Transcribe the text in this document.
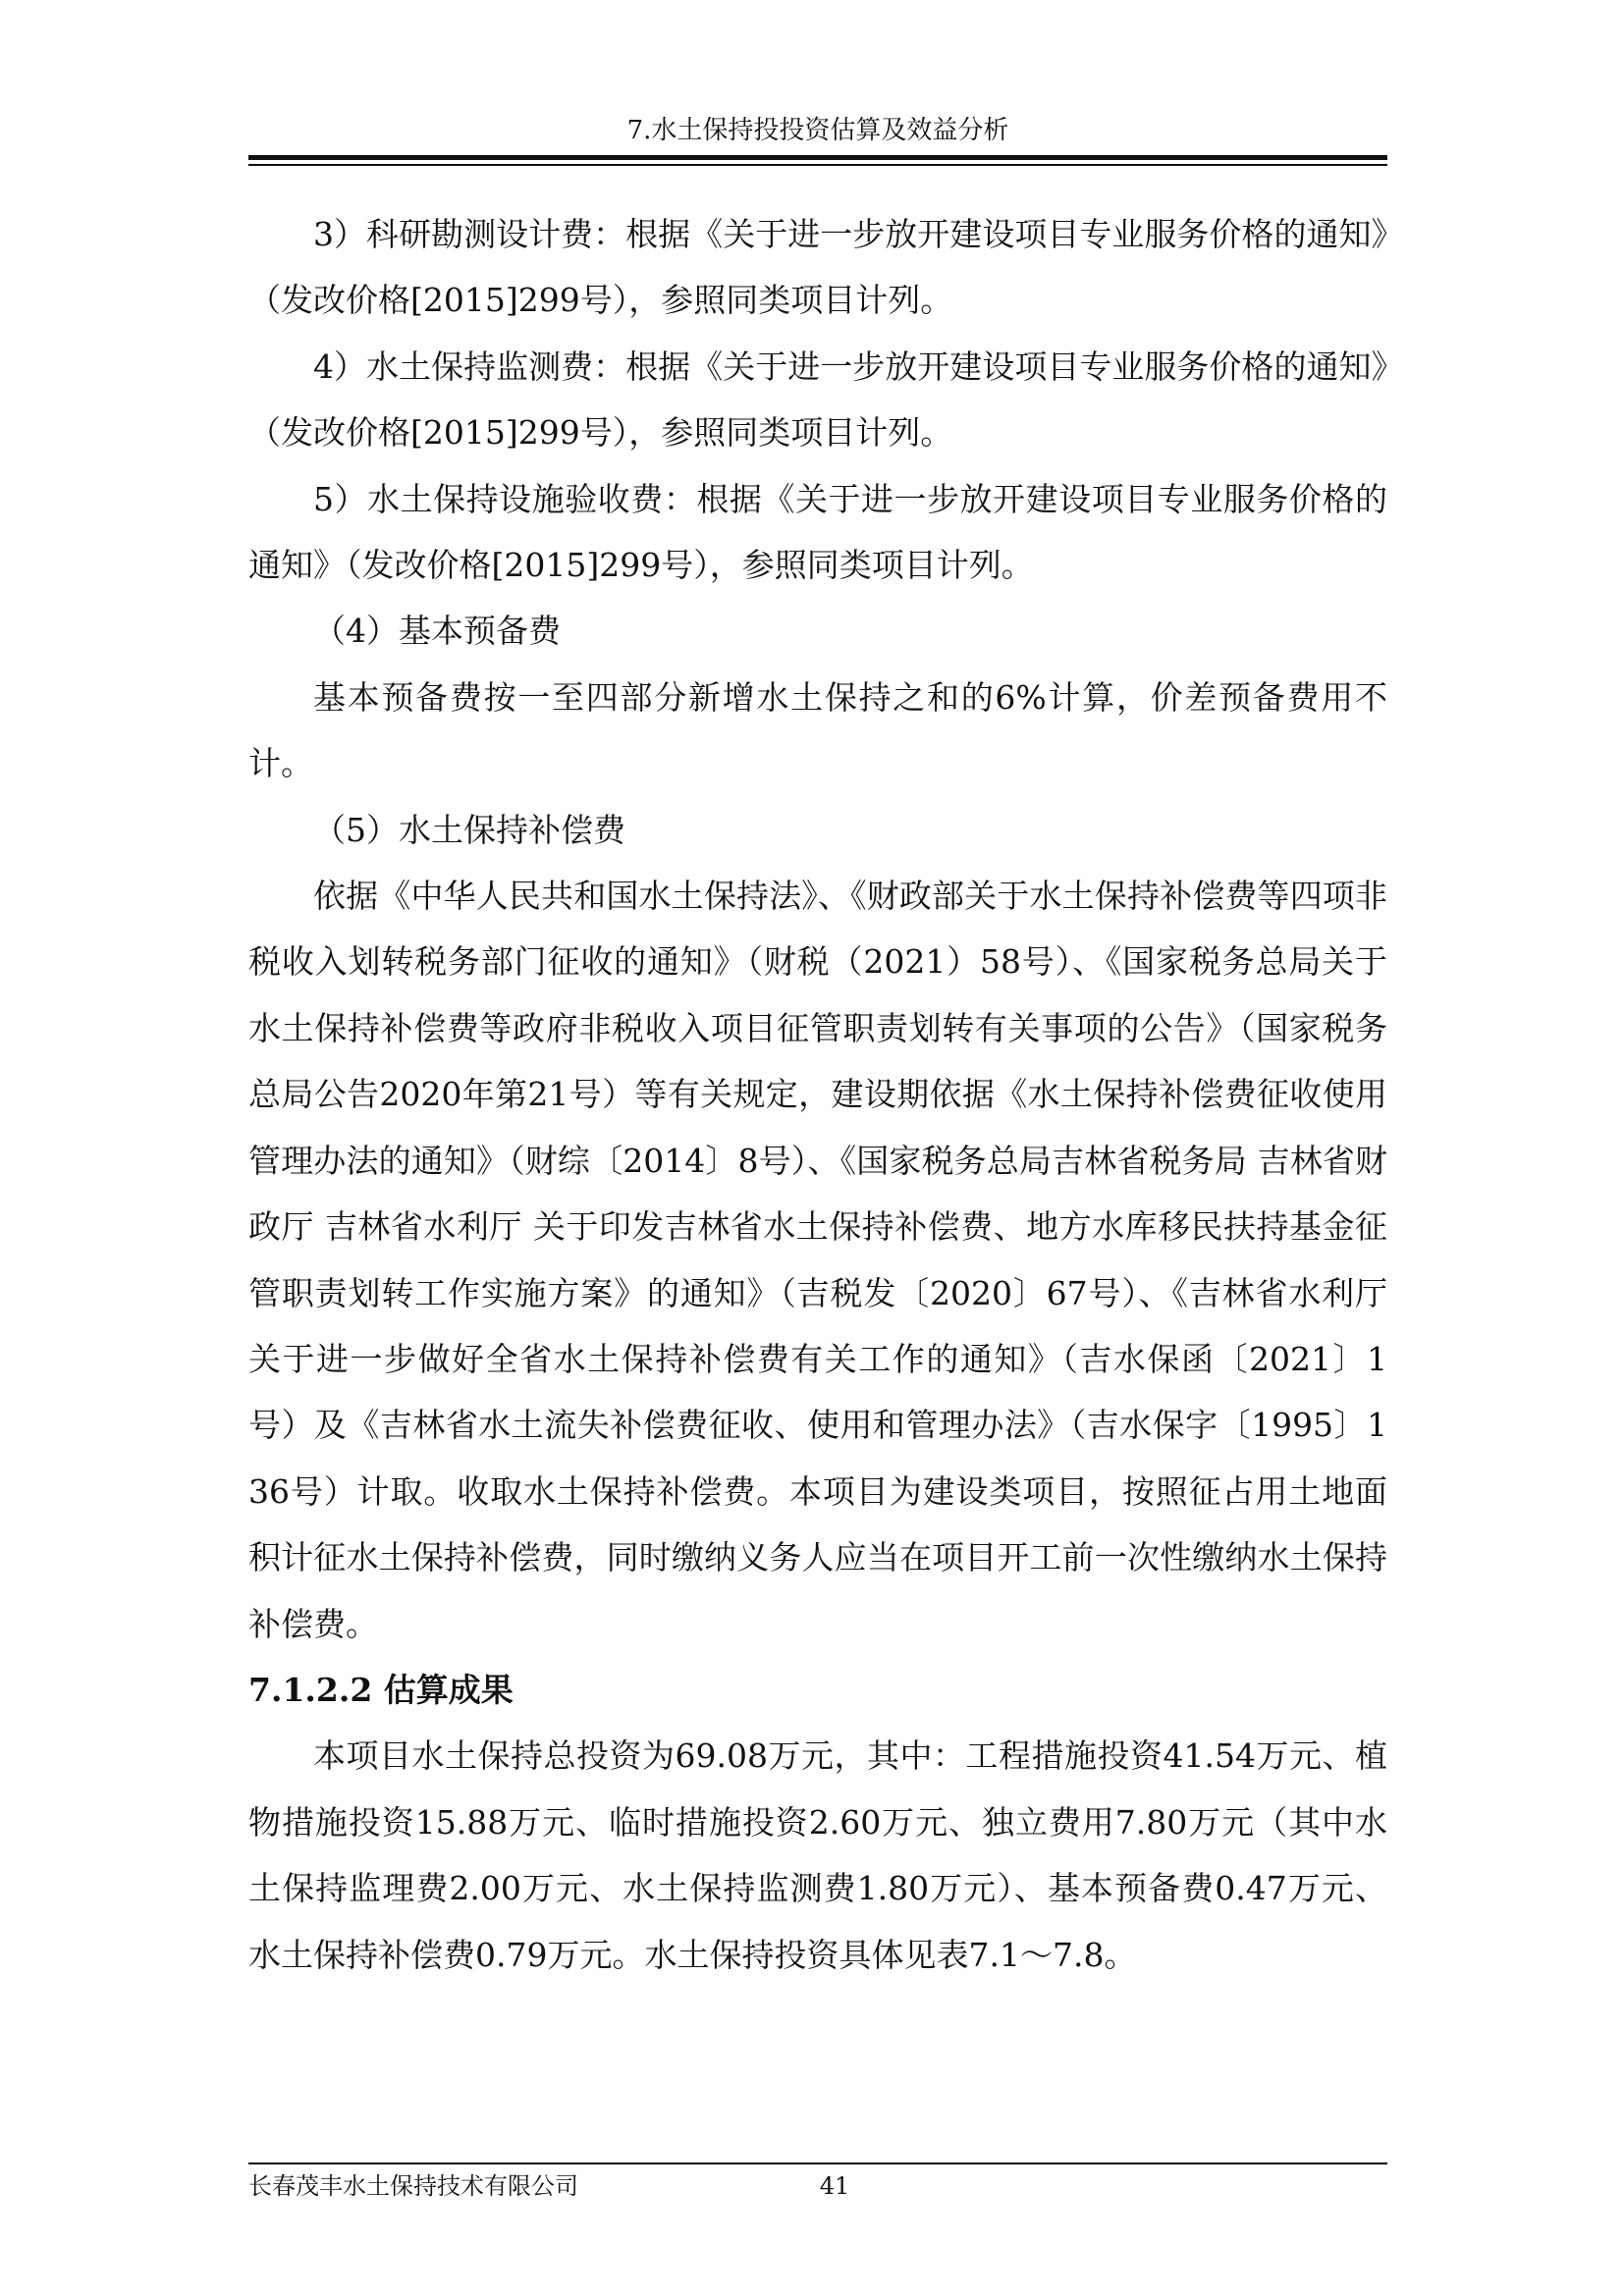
7.水土保持投投资估算及效益分析

3）科研勘测设计费：根据《关于进一步放开建设项目专业服务价格的通知》（发改价格[2015]299号），参照同类项目计列。

4）水土保持监测费：根据《关于进一步放开建设项目专业服务价格的通知》（发改价格[2015]299号），参照同类项目计列。

5）水土保持设施验收费：根据《关于进一步放开建设项目专业服务价格的通知》（发改价格[2015]299号），参照同类项目计列。

（4）基本预备费

基本预备费按一至四部分新增水土保持之和的6%计算，价差预备费用不计。

（5）水土保持补偿费

依据《中华人民共和国水土保持法》、《财政部关于水土保持补偿费等四项非税收入划转税务部门征收的通知》（财税（2021）58号）、《国家税务总局关于水土保持补偿费等政府非税收入项目征管职责划转有关事项的公告》（国家税务总局公告2020年第21号）等有关规定，建设期依据《水土保持补偿费征收使用管理办法的通知》（财综〔2014〕8号）、《国家税务总局吉林省税务局 吉林省财政厅 吉林省水利厅 关于印发吉林省水土保持补偿费、地方水库移民扶持基金征管职责划转工作实施方案》的通知》（吉税发〔2020〕67号）、《吉林省水利厅关于进一步做好全省水土保持补偿费有关工作的通知》（吉水保函〔2021〕1号）及《吉林省水土流失补偿费征收、使用和管理办法》（吉水保字〔1995〕136号）计取。收取水土保持补偿费。本项目为建设类项目，按照征占用土地面积计征水土保持补偿费，同时缴纳义务人应当在项目开工前一次性缴纳水土保持补偿费。

7.1.2.2 估算成果

本项目水土保持总投资为69.08万元，其中：工程措施投资41.54万元、植物措施投资15.88万元、临时措施投资2.60万元、独立费用7.80万元（其中水土保持监理费2.00万元、水土保持监测费1.80万元）、基本预备费0.47万元、水土保持补偿费0.79万元。水土保持投资具体见表7.1～7.8。

长春茂丰水土保持技术有限公司	41
